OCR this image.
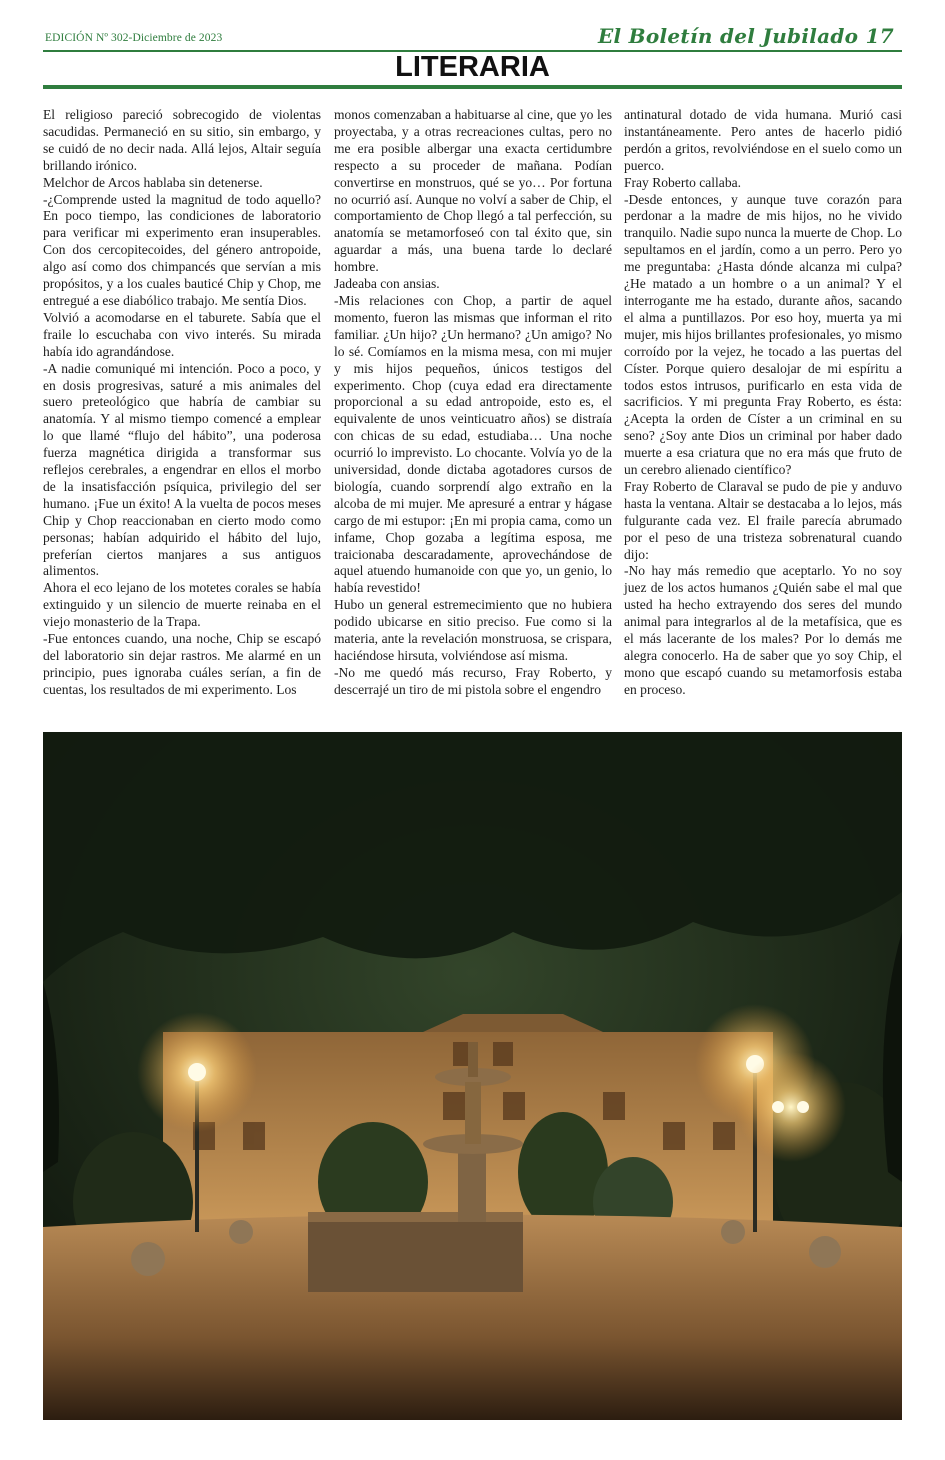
EDICIÓN Nº 302-Diciembre de 2023	El Boletín del Jubilado 17
LITERARIA

El religioso pareció sobrecogido de violentas sacudidas. Permaneció en su sitio, sin embargo, y se cuidó de no decir nada. Allá lejos, Altair seguía brillando irónico.

Melchor de Arcos hablaba sin detenerse.

-¿Comprende usted la magnitud de todo aquello? En poco tiempo, las condiciones de laboratorio para verificar mi experimento eran insuperables. Con dos cercopitecoides, del género antropoide, algo así como dos chimpancés que servían a mis propósitos, y a los cuales bauticé Chip y Chop, me entregué a ese diabólico trabajo. Me sentía Dios.

Volvió a acomodarse en el taburete. Sabía que el fraile lo escuchaba con vivo interés. Su mirada había ido agrandándose.

-A nadie comuniqué mi intención. Poco a poco, y en dosis progresivas, saturé a mis animales del suero preteológico que habría de cambiar su anatomía. Y al mismo tiempo comencé a emplear lo que llamé “flujo del hábito”, una poderosa fuerza magnética dirigida a transformar sus reflejos cerebrales, a engendrar en ellos el morbo de la insatisfacción psíquica, privilegio del ser humano. ¡Fue un éxito! A la vuelta de pocos meses Chip y Chop reaccionaban en cierto modo como personas; habían adquirido el hábito del lujo, preferían ciertos manjares a sus antiguos alimentos.

Ahora el eco lejano de los motetes corales se había extinguido y un silencio de muerte reinaba en el viejo monasterio de la Trapa.

-Fue entonces cuando, una noche, Chip se escapó del laboratorio sin dejar rastros. Me alarmé en un principio, pues ignoraba cuáles serían, a fin de cuentas, los resultados de mi experimento. Los

monos comenzaban a habituarse al cine, que yo les proyectaba, y a otras recreaciones cultas, pero no me era posible albergar una exacta certidumbre respecto a su proceder de mañana. Podían convertirse en monstruos, qué se yo… Por fortuna no ocurrió así. Aunque no volví a saber de Chip, el comportamiento de Chop llegó a tal perfección, su anatomía se metamorfoseó con tal éxito que, sin aguardar a más, una buena tarde lo declaré hombre.

Jadeaba con ansias.

-Mis relaciones con Chop, a partir de aquel momento, fueron las mismas que informan el rito familiar. ¿Un hijo? ¿Un hermano? ¿Un amigo? No lo sé. Comíamos en la misma mesa, con mi mujer y mis hijos pequeños, únicos testigos del experimento. Chop (cuya edad era directamente proporcional a su edad antropoide, esto es, el equivalente de unos veinticuatro años) se distraía con chicas de su edad, estudiaba… Una noche ocurrió lo imprevisto. Lo chocante. Volvía yo de la universidad, donde dictaba agotadores cursos de biología, cuando sorprendí algo extraño en la alcoba de mi mujer. Me apresuré a entrar y hágase cargo de mi estupor: ¡En mi propia cama, como un infame, Chop gozaba a legítima esposa, me traicionaba descaradamente, aprovechándose de aquel atuendo humanoide con que yo, un genio, lo había revestido!

Hubo un general estremecimiento que no hubiera podido ubicarse en sitio preciso. Fue como si la materia, ante la revelación monstruosa, se crispara, haciéndose hirsuta, volviéndose así misma.

-No me quedó más recurso, Fray Roberto, y descerrajé un tiro de mi pistola sobre el engendro

antinatural dotado de vida humana. Murió casi instantáneamente. Pero antes de hacerlo pidió perdón a gritos, revolviéndose en el suelo como un puerco.

Fray Roberto callaba.

-Desde entonces, y aunque tuve corazón para perdonar a la madre de mis hijos, no he vivido tranquilo. Nadie supo nunca la muerte de Chop. Lo sepultamos en el jardín, como a un perro. Pero yo me preguntaba: ¿Hasta dónde alcanza mi culpa? ¿He matado a un hombre o a un animal? Y el interrogante me ha estado, durante años, sacando el alma a puntillazos. Por eso hoy, muerta ya mi mujer, mis hijos brillantes profesionales, yo mismo corroído por la vejez, he tocado a las puertas del Císter. Porque quiero desalojar de mi espíritu a todos estos intrusos, purificarlo en esta vida de sacrificios. Y mi pregunta Fray Roberto, es ésta: ¿Acepta la orden de Císter a un criminal en su seno? ¿Soy ante Dios un criminal por haber dado muerte a esa criatura que no era más que fruto de un cerebro alienado científico?

Fray Roberto de Claraval se pudo de pie y anduvo hasta la ventana. Altair se destacaba a lo lejos, más fulgurante cada vez. El fraile parecía abrumado por el peso de una tristeza sobrenatural cuando dijo:

-No hay más remedio que aceptarlo. Yo no soy juez de los actos humanos ¿Quién sabe el mal que usted ha hecho extrayendo dos seres del mundo animal para integrarlos al de la metafísica, que es el más lacerante de los males? Por lo demás me alegra conocerlo. Ha de saber que yo soy Chip, el mono que escapó cuando su metamorfosis estaba en proceso.
